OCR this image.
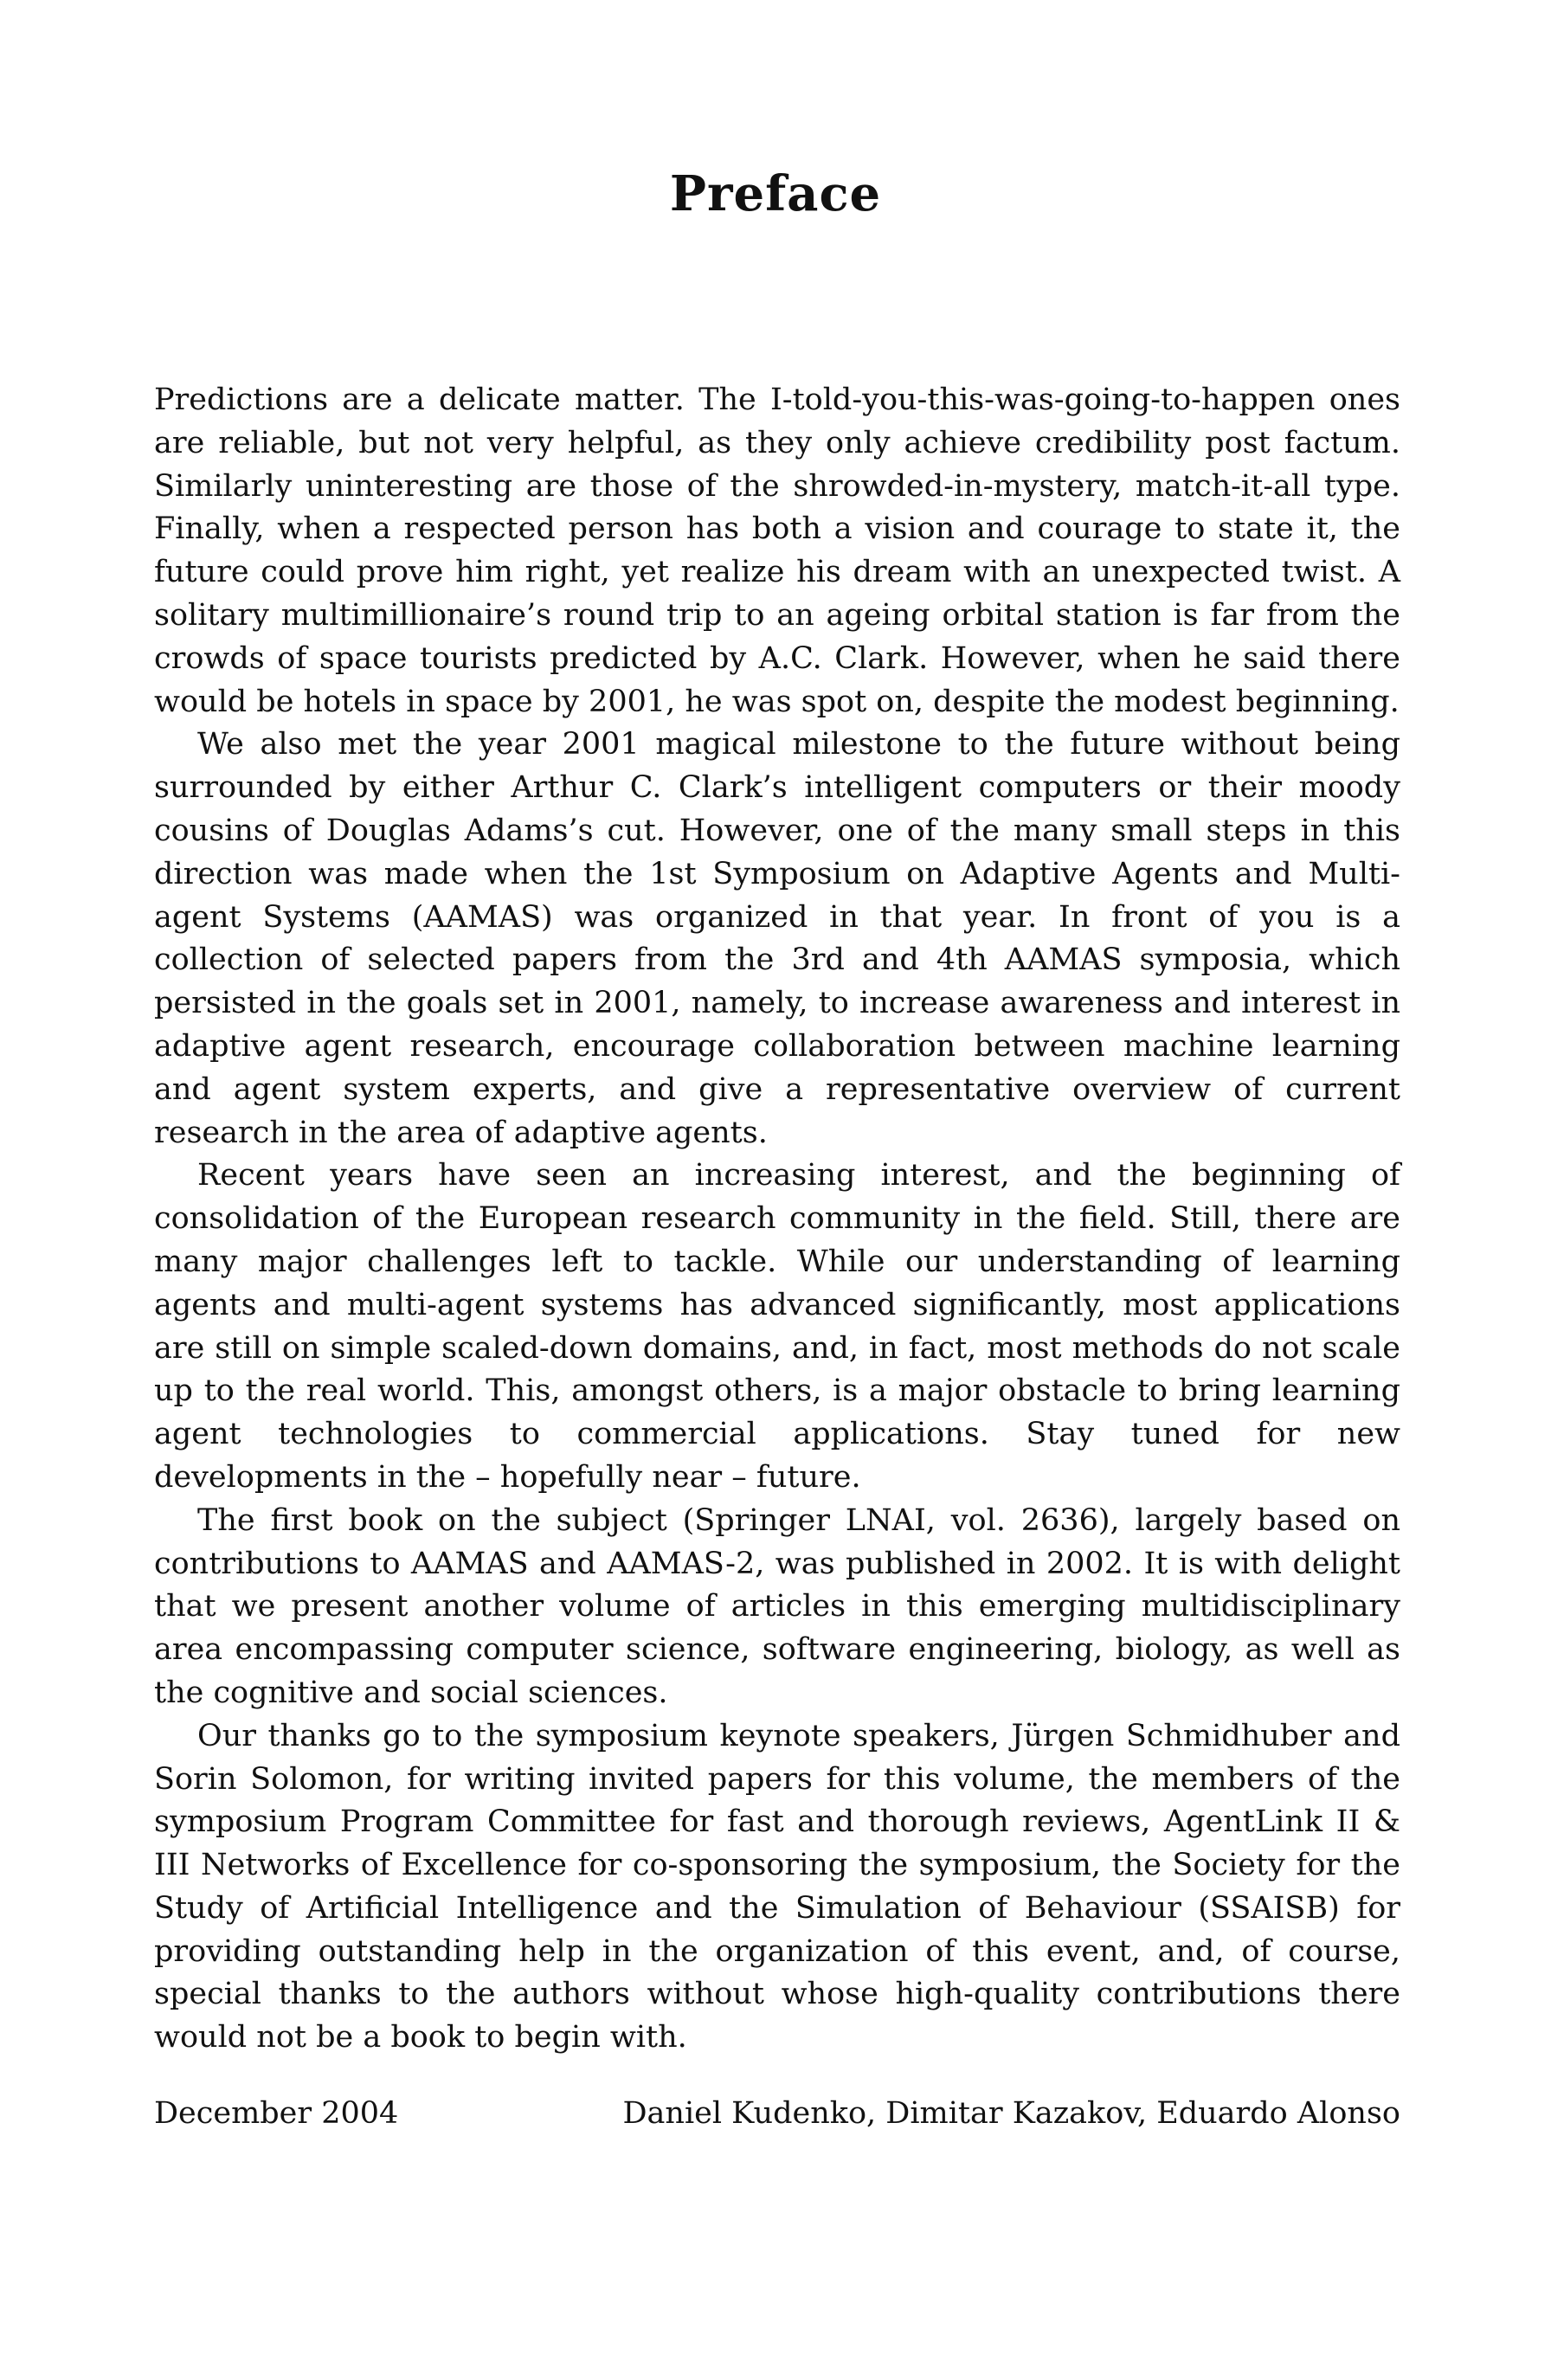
Preface

Predictions are a delicate matter. The I-told-you-this-was-going-to-happen ones are reliable, but not very helpful, as they only achieve credibility post factum. Similarly uninteresting are those of the shrowded-in-mystery, match-it-all type. Finally, when a respected person has both a vision and courage to state it, the future could prove him right, yet realize his dream with an unexpected twist. A solitary multimillionaire’s round trip to an ageing orbital station is far from the crowds of space tourists predicted by A.C. Clark. However, when he said there would be hotels in space by 2001, he was spot on, despite the modest beginning.

We also met the year 2001 magical milestone to the future without being surrounded by either Arthur C. Clark’s intelligent computers or their moody cousins of Douglas Adams’s cut. However, one of the many small steps in this direction was made when the 1st Symposium on Adaptive Agents and Multi-agent Systems (AAMAS) was organized in that year. In front of you is a collection of selected papers from the 3rd and 4th AAMAS symposia, which persisted in the goals set in 2001, namely, to increase awareness and interest in adaptive agent research, encourage collaboration between machine learning and agent system experts, and give a representative overview of current research in the area of adaptive agents.

Recent years have seen an increasing interest, and the beginning of consolidation of the European research community in the field. Still, there are many major challenges left to tackle. While our understanding of learning agents and multi-agent systems has advanced significantly, most applications are still on simple scaled-down domains, and, in fact, most methods do not scale up to the real world. This, amongst others, is a major obstacle to bring learning agent technologies to commercial applications. Stay tuned for new developments in the – hopefully near – future.

The first book on the subject (Springer LNAI, vol. 2636), largely based on contributions to AAMAS and AAMAS-2, was published in 2002. It is with delight that we present another volume of articles in this emerging multidisciplinary area encompassing computer science, software engineering, biology, as well as the cognitive and social sciences.

Our thanks go to the symposium keynote speakers, Jürgen Schmidhuber and Sorin Solomon, for writing invited papers for this volume, the members of the symposium Program Committee for fast and thorough reviews, AgentLink II & III Networks of Excellence for co-sponsoring the symposium, the Society for the Study of Artificial Intelligence and the Simulation of Behaviour (SSAISB) for providing outstanding help in the organization of this event, and, of course, special thanks to the authors without whose high-quality contributions there would not be a book to begin with.

December 2004	Daniel Kudenko, Dimitar Kazakov, Eduardo Alonso
